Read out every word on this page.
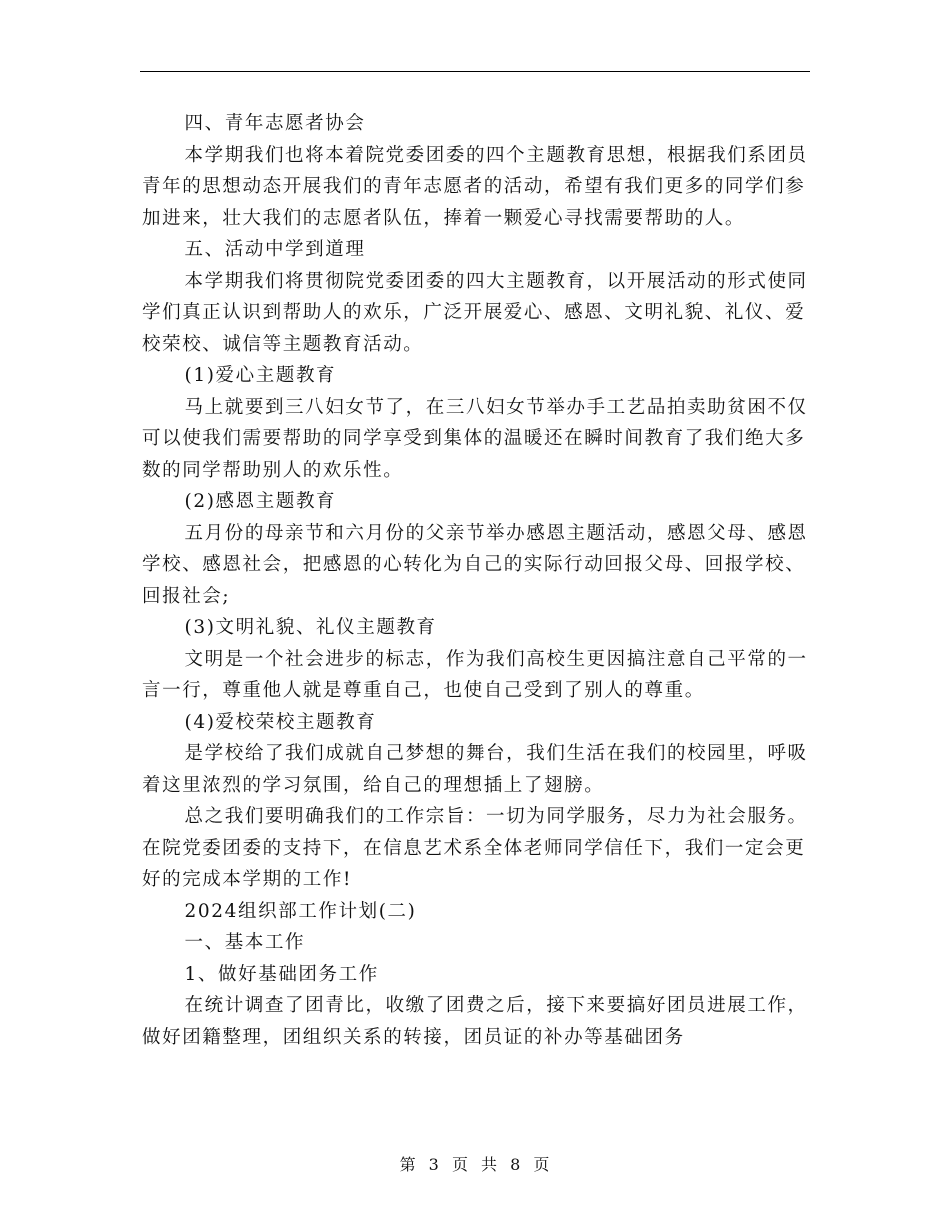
四、青年志愿者协会

本学期我们也将本着院党委团委的四个主题教育思想，根据我们系团员青年的思想动态开展我们的青年志愿者的活动，希望有我们更多的同学们参加进来，壮大我们的志愿者队伍，捧着一颗爱心寻找需要帮助的人。

五、活动中学到道理

本学期我们将贯彻院党委团委的四大主题教育，以开展活动的形式使同学们真正认识到帮助人的欢乐，广泛开展爱心、感恩、文明礼貌、礼仪、爱校荣校、诚信等主题教育活动。

(1)爱心主题教育

马上就要到三八妇女节了，在三八妇女节举办手工艺品拍卖助贫困不仅可以使我们需要帮助的同学享受到集体的温暖还在瞬时间教育了我们绝大多数的同学帮助别人的欢乐性。

(2)感恩主题教育

五月份的母亲节和六月份的父亲节举办感恩主题活动，感恩父母、感恩学校、感恩社会，把感恩的心转化为自己的实际行动回报父母、回报学校、回报社会;

(3)文明礼貌、礼仪主题教育

文明是一个社会进步的标志，作为我们高校生更因搞注意自己平常的一言一行，尊重他人就是尊重自己，也使自己受到了别人的尊重。

(4)爱校荣校主题教育

是学校给了我们成就自己梦想的舞台，我们生活在我们的校园里，呼吸着这里浓烈的学习氛围，给自己的理想插上了翅膀。

总之我们要明确我们的工作宗旨：一切为同学服务，尽力为社会服务。在院党委团委的支持下，在信息艺术系全体老师同学信任下，我们一定会更好的完成本学期的工作!

2024组织部工作计划(二)

一、基本工作

1、做好基础团务工作

在统计调查了团青比，收缴了团费之后，接下来要搞好团员进展工作，做好团籍整理，团组织关系的转接，团员证的补办等基础团务

第 3 页 共 8 页
